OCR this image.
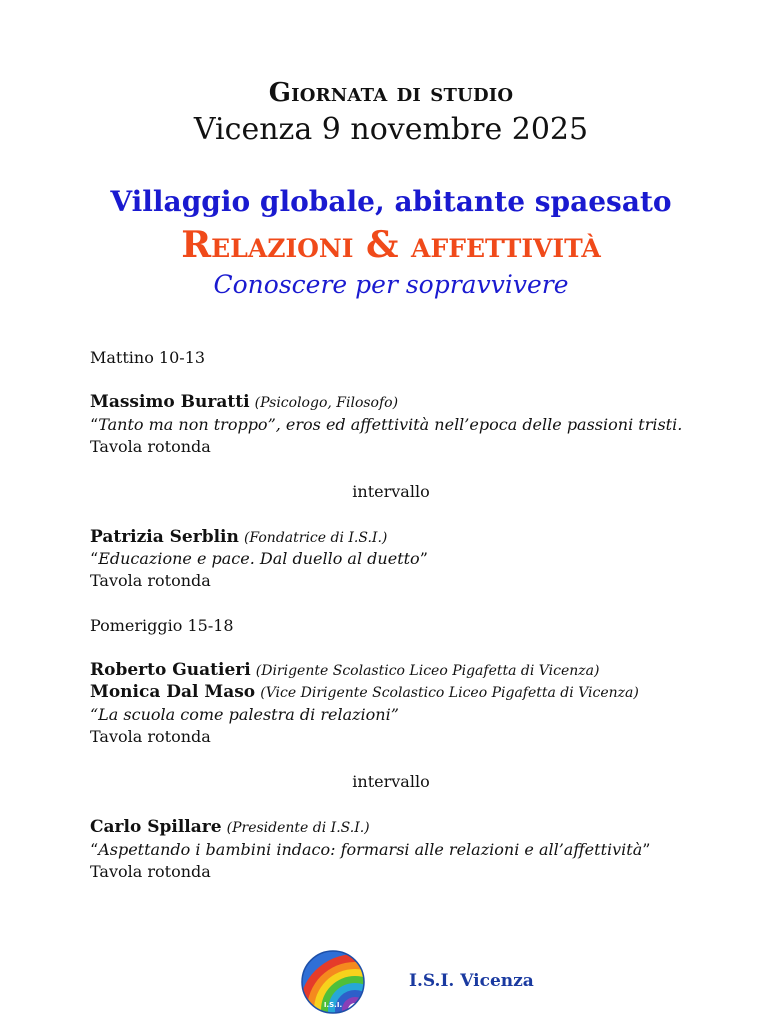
Giornata di studio
Vicenza 9 novembre 2025
Villaggio globale, abitante spaesato
Relazioni & affettività
Conoscere per sopravvivere
Mattino 10-13
Massimo Buratti (Psicologo, Filosofo)
“Tanto ma non troppo”, eros ed affettività nell’epoca delle passioni tristi.
Tavola rotonda
intervallo
Patrizia Serblin (Fondatrice di I.S.I.)
“Educazione e pace. Dal duello al duetto”
Tavola rotonda
Pomeriggio 15-18
Roberto Guatieri (Dirigente Scolastico Liceo Pigafetta di Vicenza)
Monica Dal Maso (Vice Dirigente Scolastico Liceo Pigafetta di Vicenza)
“La scuola come palestra di relazioni”
Tavola rotonda
intervallo
Carlo Spillare (Presidente di I.S.I.)
“Aspettando i bambini indaco: formarsi alle relazioni e all’affettività”
Tavola rotonda
I.S.I.
I.S.I. Vicenza
